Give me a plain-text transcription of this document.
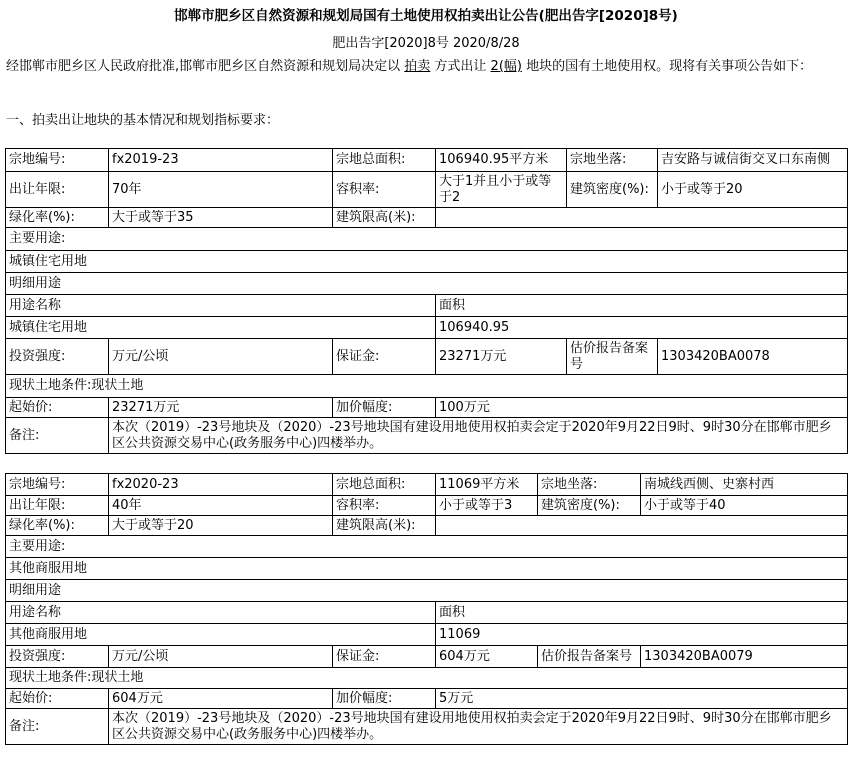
邯郸市肥乡区自然资源和规划局国有土地使用权拍卖出让公告(肥出告字[2020]8号)
肥出告字[2020]8号 2020/8/28
经邯郸市肥乡区人民政府批准,邯郸市肥乡区自然资源和规划局决定以 拍卖 方式出让 2(幅) 地块的国有土地使用权。现将有关事项公告如下：
一、拍卖出让地块的基本情况和规划指标要求：
宗地编号:	fx2019-23	宗地总面积:	106940.95平方米	宗地坐落:	吉安路与诚信街交叉口东南侧
出让年限:	70年	容积率:	大于1并且小于或等于2	建筑密度(%):	小于或等于20
绿化率(%):	大于或等于35	建筑限高(米):			
主要用途:					
城镇住宅用地					
明细用途					
用途名称			面积		
城镇住宅用地			106940.95		
投资强度:	万元/公顷	保证金:	23271万元	估价报告备案号	1303420BA0078
现状土地条件:现状土地					
起始价:	23271万元	加价幅度:	100万元		
备注:	本次（2019）-23号地块及（2020）-23号地块国有建设用地使用权拍卖会定于2020年9月22日9时、9时30分在邯郸市肥乡区公共资源交易中心(政务服务中心)四楼举办。				
宗地编号:	fx2020-23	宗地总面积:	11069平方米	宗地坐落:	南城线西侧、史寨村西
出让年限:	40年	容积率:	小于或等于3	建筑密度(%):	小于或等于40
绿化率(%):	大于或等于20	建筑限高(米):			
主要用途:					
其他商服用地					
明细用途					
用途名称			面积		
其他商服用地			11069		
投资强度:	万元/公顷	保证金:	604万元	估价报告备案号	1303420BA0079
现状土地条件:现状土地					
起始价:	604万元	加价幅度:	5万元		
备注:	本次（2019）-23号地块及（2020）-23号地块国有建设用地使用权拍卖会定于2020年9月22日9时、9时30分在邯郸市肥乡区公共资源交易中心(政务服务中心)四楼举办。				
